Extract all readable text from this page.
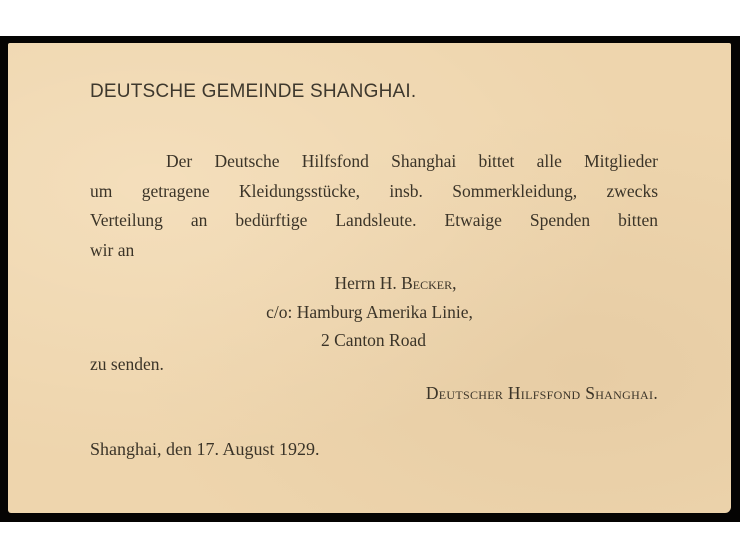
DEUTSCHE GEMEINDE SHANGHAI.
Der Deutsche Hilfsfond Shanghai bittet alle Mitglieder
um getragene Kleidungsstücke, insb. Sommerkleidung, zwecks
Verteilung an bedürftige Landsleute. Etwaige Spenden bitten
wir an
Herrn H. Becker,
c/o: Hamburg Amerika Linie,
2 Canton Road
zu senden.
Deutscher Hilfsfond Shanghai.
Shanghai, den 17. August 1929.
